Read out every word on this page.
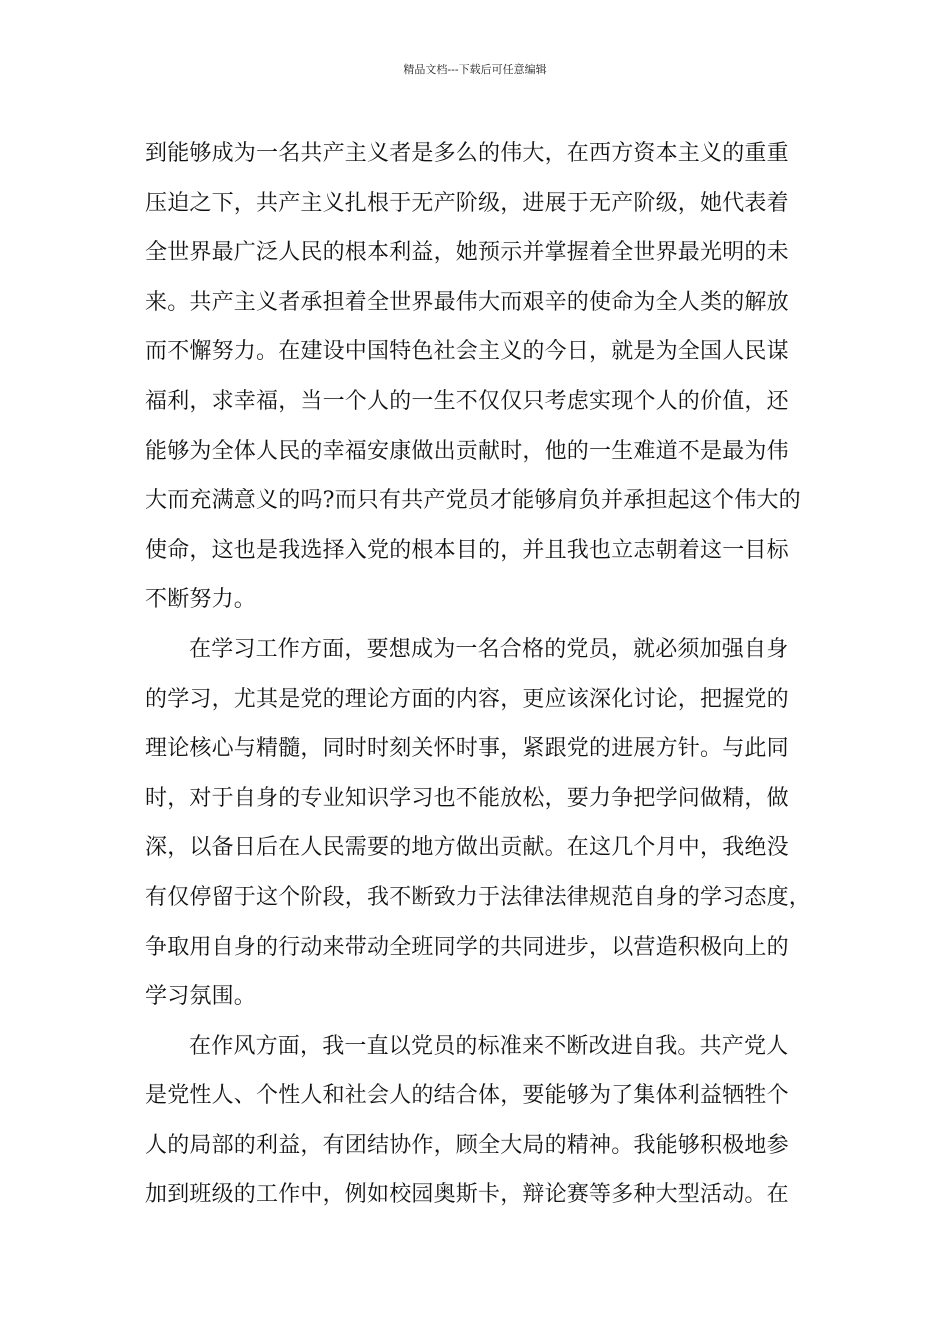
精品文档---下载后可任意编辑
到能够成为一名共产主义者是多么的伟大，在西方资本主义的重重
压迫之下，共产主义扎根于无产阶级，进展于无产阶级，她代表着
全世界最广泛人民的根本利益，她预示并掌握着全世界最光明的未
来。共产主义者承担着全世界最伟大而艰辛的使命为全人类的解放
而不懈努力。在建设中国特色社会主义的今日，就是为全国人民谋
福利，求幸福，当一个人的一生不仅仅只考虑实现个人的价值，还
能够为全体人民的幸福安康做出贡献时，他的一生难道不是最为伟
大而充满意义的吗?而只有共产党员才能够肩负并承担起这个伟大的
使命，这也是我选择入党的根本目的，并且我也立志朝着这一目标
不断努力。
在学习工作方面，要想成为一名合格的党员，就必须加强自身
的学习，尤其是党的理论方面的内容，更应该深化讨论，把握党的
理论核心与精髓，同时时刻关怀时事，紧跟党的进展方针。与此同
时，对于自身的专业知识学习也不能放松，要力争把学问做精，做
深，以备日后在人民需要的地方做出贡献。在这几个月中，我绝没
有仅停留于这个阶段，我不断致力于法律法律规范自身的学习态度，
争取用自身的行动来带动全班同学的共同进步，以营造积极向上的
学习氛围。
在作风方面，我一直以党员的标准来不断改进自我。共产党人
是党性人、个性人和社会人的结合体，要能够为了集体利益牺牲个
人的局部的利益，有团结协作，顾全大局的精神。我能够积极地参
加到班级的工作中，例如校园奥斯卡，辩论赛等多种大型活动。在
